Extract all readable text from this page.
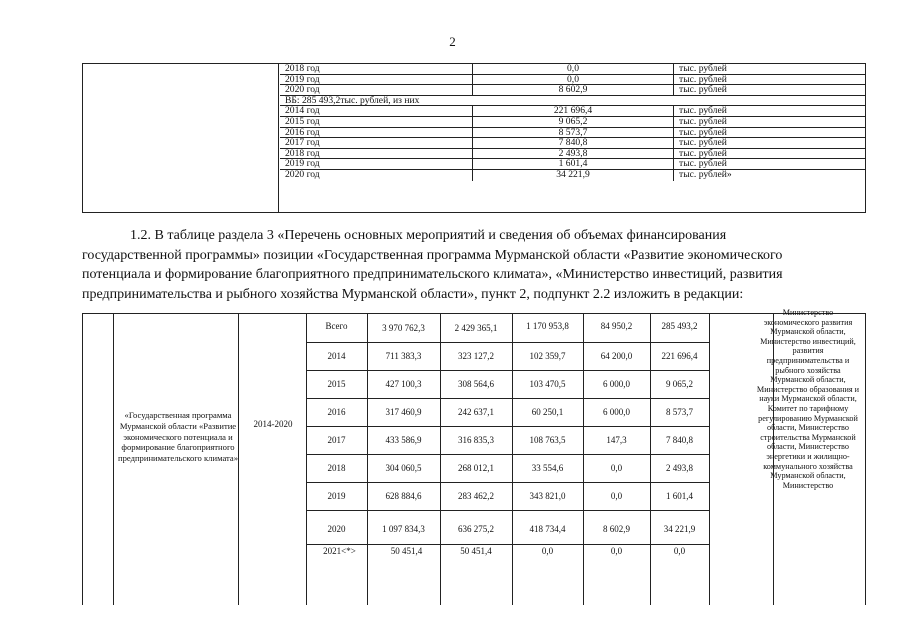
2
2018 год	0,0	тыс. рублей
2019 год	0,0	тыс. рублей
2020 год	8 602,9	тыс. рублей
ВБ: 285 493,2тыс. рублей, из них
2014 год	221 696,4	тыс. рублей
2015 год	9 065,2	тыс. рублей
2016 год	8 573,7	тыс. рублей
2017 год	7 840,8	тыс. рублей
2018 год	2 493,8	тыс. рублей
2019 год	1 601,4	тыс. рублей
2020 год	34 221,9	тыс. рублей»
1.2. В таблице раздела 3 «Перечень основных мероприятий и сведения об объемах финансирования
государственной программы» позиции «Государственная программа Мурманской области «Развитие экономического
потенциала и формирование благоприятного предпринимательского климата», «Министерство инвестиций, развития
предпринимательства и рыбного хозяйства Мурманской области», пункт 2, подпункт 2.2 изложить в редакции:
«Государственная программа Мурманской области «Развитие экономического потенциала и формирование благоприятного предпринимательского климата»
2014-2020
Министерство экономического развития Мурманской области, Министерство инвестиций, развития предпринимательства и рыбного хозяйства Мурманской области, Министерство образования и науки Мурманской области, Комитет по тарифному регулированию Мурманской области, Министерство строительства Мурманской области, Министерство энергетики и жилищно-коммунального хозяйства Мурманской области, Министерство
Всего	3 970 762,3	2 429 365,1	1 170 953,8	84 950,2	285 493,2
2014	711 383,3	323 127,2	102 359,7	64 200,0	221 696,4
2015	427 100,3	308 564,6	103 470,5	6 000,0	9 065,2
2016	317 460,9	242 637,1	60 250,1	6 000,0	8 573,7
2017	433 586,9	316 835,3	108 763,5	147,3	7 840,8
2018	304 060,5	268 012,1	33 554,6	0,0	2 493,8
2019	628 884,6	283 462,2	343 821,0	0,0	1 601,4
2020	1 097 834,3	636 275,2	418 734,4	8 602,9	34 221,9
2021<*>	50 451,4	50 451,4	0,0	0,0	0,0
